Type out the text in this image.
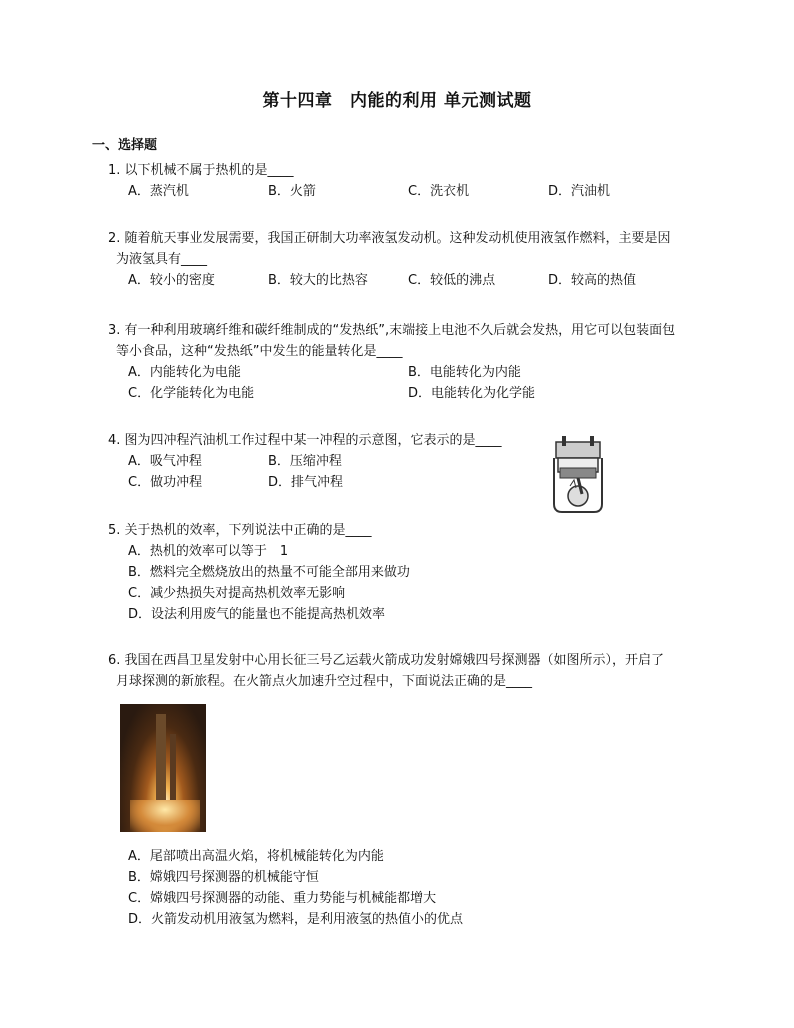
第十四章　内能的利用 单元测试题
一、选择题
1. 以下机械不属于热机的是____
A．蒸汽机	B．火箭	C．洗衣机	D．汽油机
2. 随着航天事业发展需要，我国正研制大功率液氢发动机。这种发动机使用液氢作燃料，主要是因
为液氢具有____
A．较小的密度	B．较大的比热容	C．较低的沸点	D．较高的热值
3. 有一种利用玻璃纤维和碳纤维制成的“发热纸”,末端接上电池不久后就会发热，用它可以包装面包
等小食品，这种“发热纸”中发生的能量转化是____
A．内能转化为电能	B．电能转化为内能
C．化学能转化为电能	D．电能转化为化学能
4. 图为四冲程汽油机工作过程中某一冲程的示意图，它表示的是____
A．吸气冲程	B．压缩冲程
C．做功冲程	D．排气冲程
5. 关于热机的效率，下列说法中正确的是____
A．热机的效率可以等于　1
B．燃料完全燃烧放出的热量不可能全部用来做功
C．减少热损失对提高热机效率无影响
D．设法利用废气的能量也不能提高热机效率
6. 我国在西昌卫星发射中心用长征三号乙运载火箭成功发射嫦娥四号探测器（如图所示），开启了
月球探测的新旅程。在火箭点火加速升空过程中，下面说法正确的是____
A．尾部喷出高温火焰，将机械能转化为内能
B．嫦娥四号探测器的机械能守恒
C．嫦娥四号探测器的动能、重力势能与机械能都增大
D．火箭发动机用液氢为燃料，是利用液氢的热值小的优点
